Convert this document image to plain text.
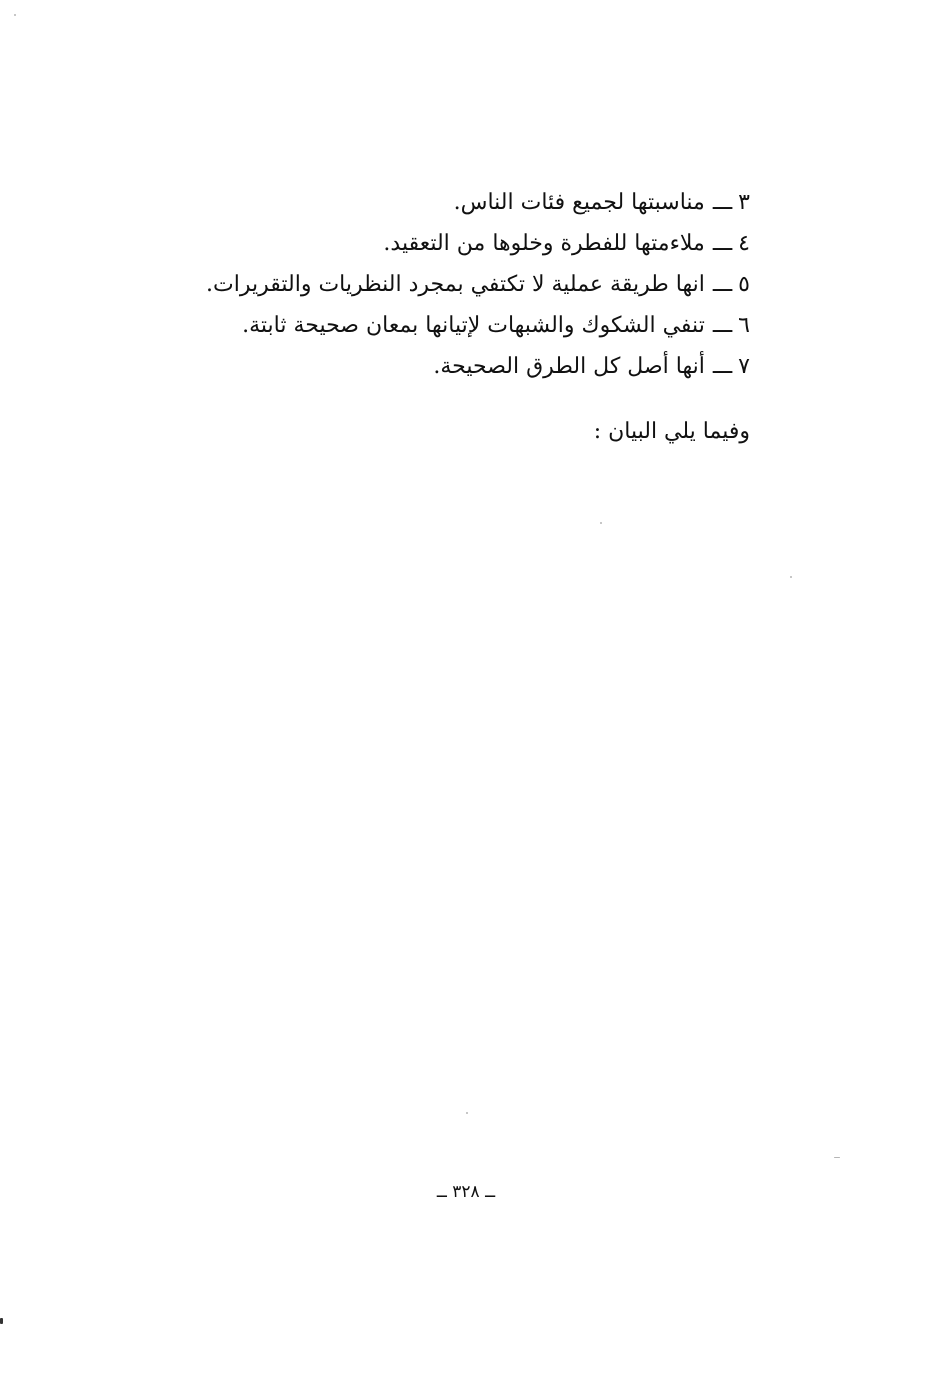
٣ـــمناسبتها لجميع فئات الناس.
٤ـــملاءمتها للفطرة وخلوها من التعقيد.
٥ـــانها طريقة عملية لا تكتفي بمجرد النظريات والتقريرات.
٦ـــتنفي الشكوك والشبهات لإتيانها بمعان صحيحة ثابتة.
٧ـــأنها أصل كل الطرق الصحيحة.

وفيما يلي البيان :

ــ ٣٢٨ ــ
